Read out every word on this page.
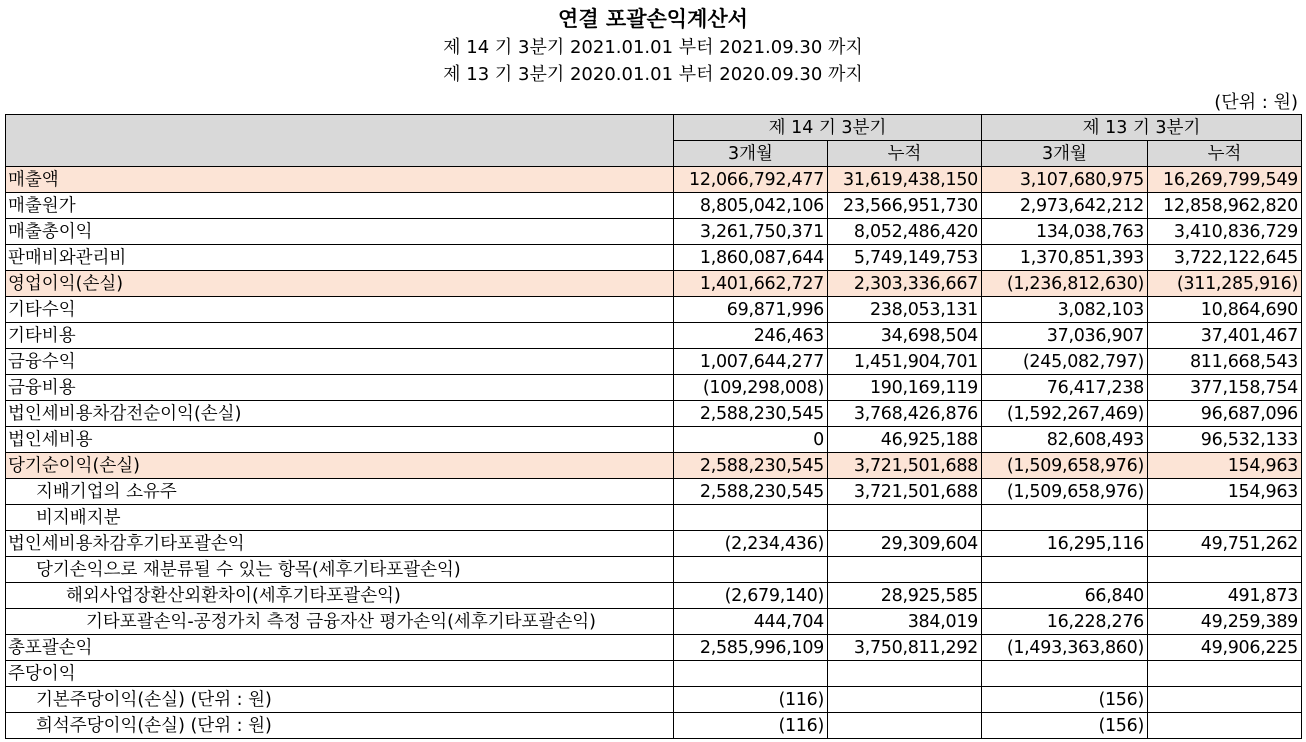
연결 포괄손익계산서
제 14 기 3분기 2021.01.01 부터 2021.09.30 까지
제 13 기 3분기 2020.01.01 부터 2020.09.30 까지
(단위 : 원)
	제 14 기 3분기		제 13 기 3분기	
	3개월	누적	3개월	누적
매출액	12,066,792,477	31,619,438,150	3,107,680,975	16,269,799,549
매출원가	8,805,042,106	23,566,951,730	2,973,642,212	12,858,962,820
매출총이익	3,261,750,371	8,052,486,420	134,038,763	3,410,836,729
판매비와관리비	1,860,087,644	5,749,149,753	1,370,851,393	3,722,122,645
영업이익(손실)	1,401,662,727	2,303,336,667	(1,236,812,630)	(311,285,916)
기타수익	69,871,996	238,053,131	3,082,103	10,864,690
기타비용	246,463	34,698,504	37,036,907	37,401,467
금융수익	1,007,644,277	1,451,904,701	(245,082,797)	811,668,543
금융비용	(109,298,008)	190,169,119	76,417,238	377,158,754
법인세비용차감전순이익(손실)	2,588,230,545	3,768,426,876	(1,592,267,469)	96,687,096
법인세비용	0	46,925,188	82,608,493	96,532,133
당기순이익(손실)	2,588,230,545	3,721,501,688	(1,509,658,976)	154,963
지배기업의 소유주	2,588,230,545	3,721,501,688	(1,509,658,976)	154,963
비지배지분				
법인세비용차감후기타포괄손익	(2,234,436)	29,309,604	16,295,116	49,751,262
당기손익으로 재분류될 수 있는 항목(세후기타포괄손익)				
해외사업장환산외환차이(세후기타포괄손익)	(2,679,140)	28,925,585	66,840	491,873
기타포괄손익-공정가치 측정 금융자산 평가손익(세후기타포괄손익)	444,704	384,019	16,228,276	49,259,389
총포괄손익	2,585,996,109	3,750,811,292	(1,493,363,860)	49,906,225
주당이익				
기본주당이익(손실) (단위 : 원)	(116)		(156)	
희석주당이익(손실) (단위 : 원)	(116)		(156)	
